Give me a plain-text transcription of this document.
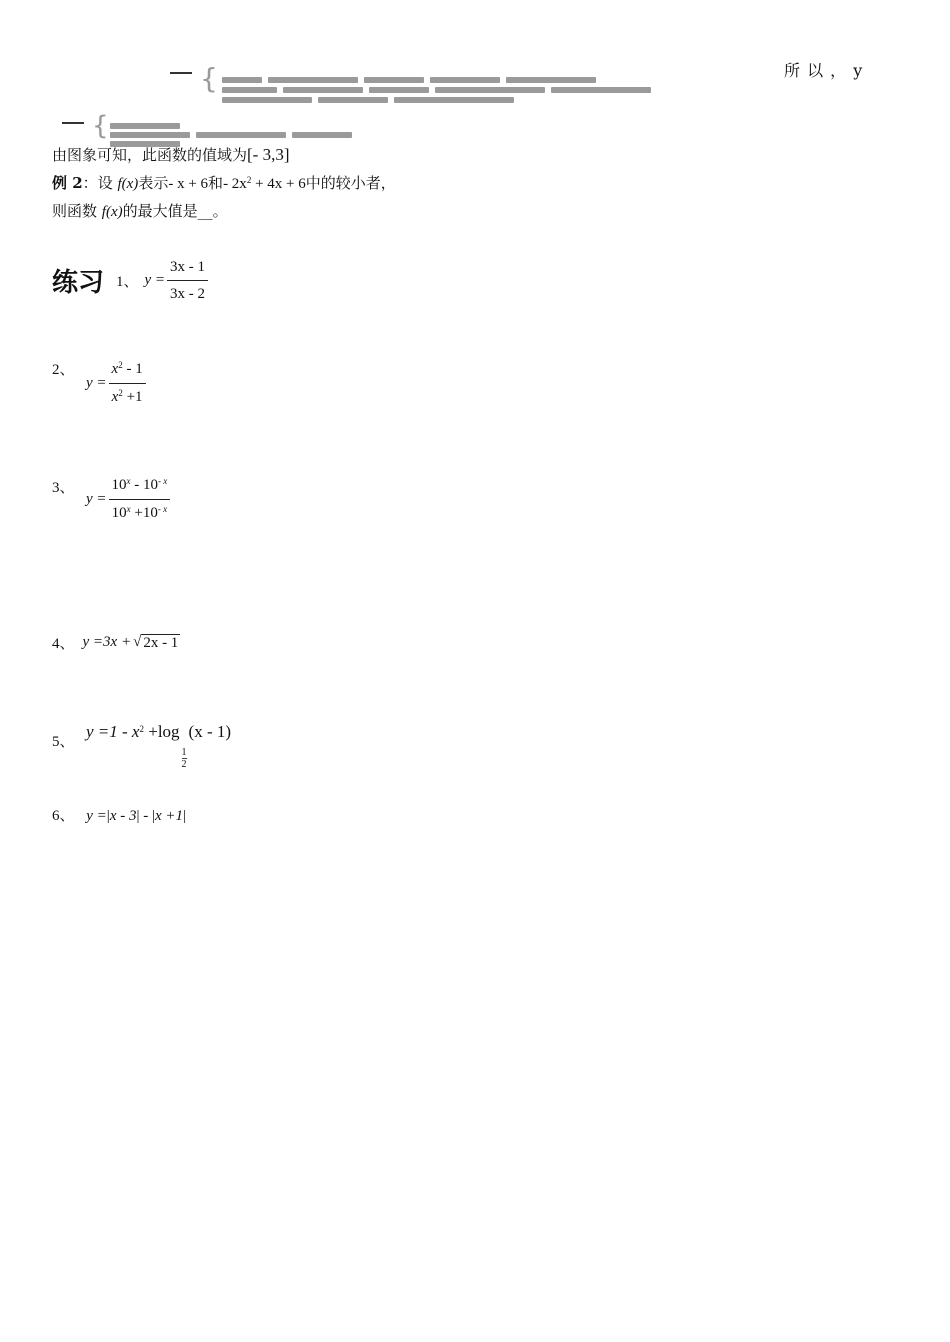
{	所 以 ， y
{
由图象可知，此函数的值域为[- 3,3]
例 2：设 f(x)表示- x + 6和- $2x^2 + 4x + 6$中的较小者，
则函数 f(x)的最大值是__。
练习 1、 $y = \frac{3x - 1}{3x - 2}$
2、
$y = \frac{x^2 - 1}{x^2 +1}$
3、
$y = \frac{10^x - 10^{- x}}{10^x +10^{- x}}$
4、 y =3x + √ 2x - 1
5、
$y =1 - x^2 +\log$
$\frac{1}{2}$
(x - 1)
6、 y =|x - 3| - |x +1|
